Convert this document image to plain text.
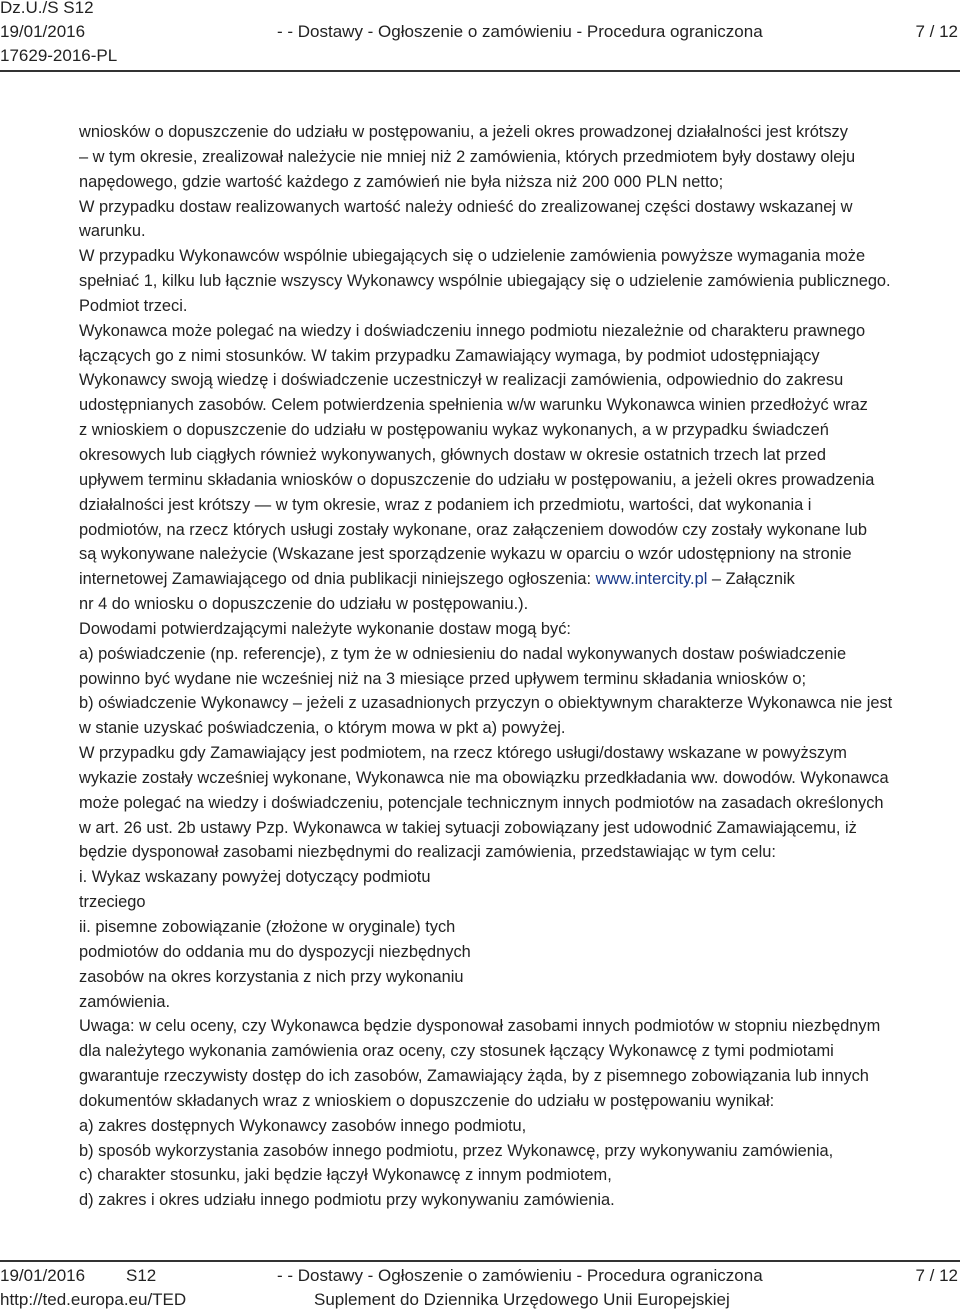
Dz.U./S S12
19/01/2016
17629-2016-PL
- - Dostawy - Ogłoszenie o zamówieniu - Procedura ograniczona	7 / 12

wniosków o dopuszczenie do udziału w postępowaniu, a jeżeli okres prowadzonej działalności jest krótszy

– w tym okresie, zrealizował należycie nie mniej niż 2 zamówienia, których przedmiotem były dostawy oleju

napędowego, gdzie wartość każdego z zamówień nie była niższa niż 200 000 PLN netto;

W przypadku dostaw realizowanych wartość należy odnieść do zrealizowanej części dostawy wskazanej w

warunku.

W przypadku Wykonawców wspólnie ubiegających się o udzielenie zamówienia powyższe wymagania może

spełniać 1, kilku lub łącznie wszyscy Wykonawcy wspólnie ubiegający się o udzielenie zamówienia publicznego.

Podmiot trzeci.

Wykonawca może polegać na wiedzy i doświadczeniu innego podmiotu niezależnie od charakteru prawnego

łączących go z nimi stosunków. W takim przypadku Zamawiający wymaga, by podmiot udostępniający

Wykonawcy swoją wiedzę i doświadczenie uczestniczył w realizacji zamówienia, odpowiednio do zakresu

udostępnianych zasobów. Celem potwierdzenia spełnienia w/w warunku Wykonawca winien przedłożyć wraz

z wnioskiem o dopuszczenie do udziału w postępowaniu wykaz wykonanych, a w przypadku świadczeń

okresowych lub ciągłych również wykonywanych, głównych dostaw w okresie ostatnich trzech lat przed

upływem terminu składania wniosków o dopuszczenie do udziału w postępowaniu, a jeżeli okres prowadzenia

działalności jest krótszy — w tym okresie, wraz z podaniem ich przedmiotu, wartości, dat wykonania i

podmiotów, na rzecz których usługi zostały wykonane, oraz załączeniem dowodów czy zostały wykonane lub

są wykonywane należycie (Wskazane jest sporządzenie wykazu w oparciu o wzór udostępniony na stronie

internetowej Zamawiającego od dnia publikacji niniejszego ogłoszenia: www.intercity.pl – Załącznik

nr 4 do wniosku o dopuszczenie do udziału w postępowaniu.).

Dowodami potwierdzającymi należyte wykonanie dostaw mogą być:

a) poświadczenie (np. referencje), z tym że w odniesieniu do nadal wykonywanych dostaw poświadczenie

powinno być wydane nie wcześniej niż na 3 miesiące przed upływem terminu składania wniosków o;

b) oświadczenie Wykonawcy – jeżeli z uzasadnionych przyczyn o obiektywnym charakterze Wykonawca nie jest

w stanie uzyskać poświadczenia, o którym mowa w pkt a) powyżej.

W przypadku gdy Zamawiający jest podmiotem, na rzecz którego usługi/dostawy wskazane w powyższym

wykazie zostały wcześniej wykonane, Wykonawca nie ma obowiązku przedkładania ww. dowodów. Wykonawca

może polegać na wiedzy i doświadczeniu, potencjale technicznym innych podmiotów na zasadach określonych

w art. 26 ust. 2b ustawy Pzp. Wykonawca w takiej sytuacji zobowiązany jest udowodnić Zamawiającemu, iż

będzie dysponował zasobami niezbędnymi do realizacji zamówienia, przedstawiając w tym celu:

i. Wykaz wskazany powyżej dotyczący podmiotu

trzeciego

ii. pisemne zobowiązanie (złożone w oryginale) tych

podmiotów do oddania mu do dyspozycji niezbędnych

zasobów na okres korzystania z nich przy wykonaniu

zamówienia.

Uwaga: w celu oceny, czy Wykonawca będzie dysponował zasobami innych podmiotów w stopniu niezbędnym

dla należytego wykonania zamówienia oraz oceny, czy stosunek łączący Wykonawcę z tymi podmiotami

gwarantuje rzeczywisty dostęp do ich zasobów, Zamawiający żąda, by z pisemnego zobowiązania lub innych

dokumentów składanych wraz z wnioskiem o dopuszczenie do udziału w postępowaniu wynikał:

a) zakres dostępnych Wykonawcy zasobów innego podmiotu,

b) sposób wykorzystania zasobów innego podmiotu, przez Wykonawcę, przy wykonywaniu zamówienia,

c) charakter stosunku, jaki będzie łączył Wykonawcę z innym podmiotem,

d) zakres i okres udziału innego podmiotu przy wykonywaniu zamówienia.

19/01/2016 S12
http://ted.europa.eu/TED
- - Dostawy - Ogłoszenie o zamówieniu - Procedura ograniczona
Suplement do Dziennika Urzędowego Unii Europejskiej
7 / 12
